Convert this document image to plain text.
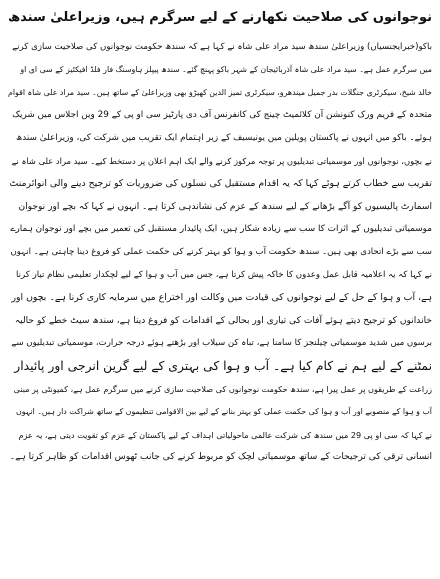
نوجوانوں کی صلاحیت نکھارنے کے لیے سرگرم ہیں، وزیراعلیٰ سندھ
باکو(خبرایجنسیاں) وزیراعلیٰ سندھ سید مراد علی شاہ نے کہا ہے کہ سندھ حکومت نوجوانوں کی صلاحیت سازی کرنے
میں سرگرم عمل ہے۔ سید مراد علی شاہ آذربائیجان کے شہر باکو پہنچ گئے۔ سندھ پیپلز ہاوسنگ فار فلڈ افیکٹیز کے سی ای او
خالد شیخ، سیکرٹری جنگلات بدر جمیل میندھرو، سیکرٹری تمیز الدین کھیڑو بھی وزیراعلیٰ کے ساتھ ہیں۔ سید مراد علی شاہ اقوام
متحدہ کے فریم ورک کنونشن آن کلائمیٹ چینج کی کانفرنس آف دی پارٹیز سی او پی کے 29 ویں اجلاس میں شریک
ہوئے۔ باکو میں انہوں نے پاکستان پویلین میں یونیسیف کے زیر اہتمام ایک تقریب میں شرکت کی، وزیراعلیٰ سندھ
نے بچوں، نوجوانوں اور موسمیاتی تبدیلیوں پر توجہ مرکوز کرنے والے ایک اہم اعلان پر دستخط کیے۔ سید مراد علی شاہ نے
تقریب سے خطاب کرتے ہوئے کہا کہ یہ اقدام مستقبل کی نسلوں کی ضروریات کو ترجیح دینے والی انوائرمنٹ
اسمارٹ پالیسیوں کو آگے بڑھانے کے لیے سندھ کے عزم کی نشاندہی کرتا ہے۔ انہوں نے کہا کہ بچے اور نوجوان
موسمیاتی تبدیلیوں کے اثرات کا سب سے زیادہ شکار ہیں، ایک پائیدار مستقبل کی تعمیر میں بچے اور نوجوان ہمارے
سب سے بڑے اتحادی بھی ہیں۔ سندھ حکومت آب و ہوا کو بہتر کرنے کی حکمت عملی کو فروغ دینا چاہتی ہے۔ انہوں
نے کہا کہ یہ اعلامیہ قابل عمل وعدوں کا خاکہ پیش کرتا ہے، جس میں آب و ہوا کے لیے لچکدار تعلیمی نظام تیار کرنا
ہے، آب و ہوا کے حل کے لیے نوجوانوں کی قیادت میں وکالت اور اختراع میں سرمایہ کاری کرنا ہے۔ بچوں اور
خاندانوں کو ترجیح دیتے ہوئے آفات کی تیاری اور بحالی کے اقدامات کو فروغ دینا ہے، سندھ سیٹ خطے کو حالیہ
برسوں میں شدید موسمیاتی چیلنجز کا سامنا ہے، تباہ کن سیلاب اور بڑھتے ہوئے درجہ حرارت، موسمیاتی تبدیلیوں سے
نمٹنے کے لیے ہم نے کام کیا ہے۔ آب و ہوا کی بہتری کے لیے گرین انرجی اور پائیدار
زراعت کے طریقوں پر عمل پیرا ہے، سندھ حکومت نوجوانوں کی صلاحیت سازی کرنے میں سرگرم عمل ہے، کمیونٹی پر مبنی
آب و ہوا کے منصوبے اور آب و ہوا کی حکمت عملی کو بہتر بنانے کے لیے بین الاقوامی تنظیموں کے ساتھ شراکت دار ہیں۔ انہوں
نے کہا کہ سی او پی 29 میں سندھ کی شرکت عالمی ماحولیاتی اہداف کے لیے پاکستان کے عزم کو تقویت دیتی ہے، یہ عزم
انسانی ترقی کی ترجیحات کے ساتھ موسمیاتی لچک کو مربوط کرنے کی جانب ٹھوس اقدامات کو ظاہر کرتا ہے۔
